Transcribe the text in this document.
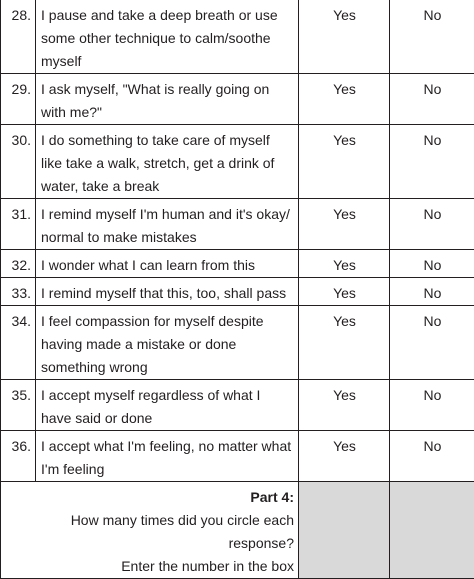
28.	I pause and take a deep breath or use some other technique to calm/soothe myself	Yes	No
29.	I ask myself, "What is really going on with me?"	Yes	No
30.	I do something to take care of myself like take a walk, stretch, get a drink of water, take a break	Yes	No
31.	I remind myself I'm human and it's okay/ normal to make mistakes	Yes	No
32.	I wonder what I can learn from this	Yes	No
33.	I remind myself that this, too, shall pass	Yes	No
34.	I feel compassion for myself despite having made a mistake or done something wrong	Yes	No
35.	I accept myself regardless of what I have said or done	Yes	No
36.	I accept what I'm feeling, no matter what I'm feeling	Yes	No

Part 4:
How many times did you circle each response?
Enter the number in the box			
